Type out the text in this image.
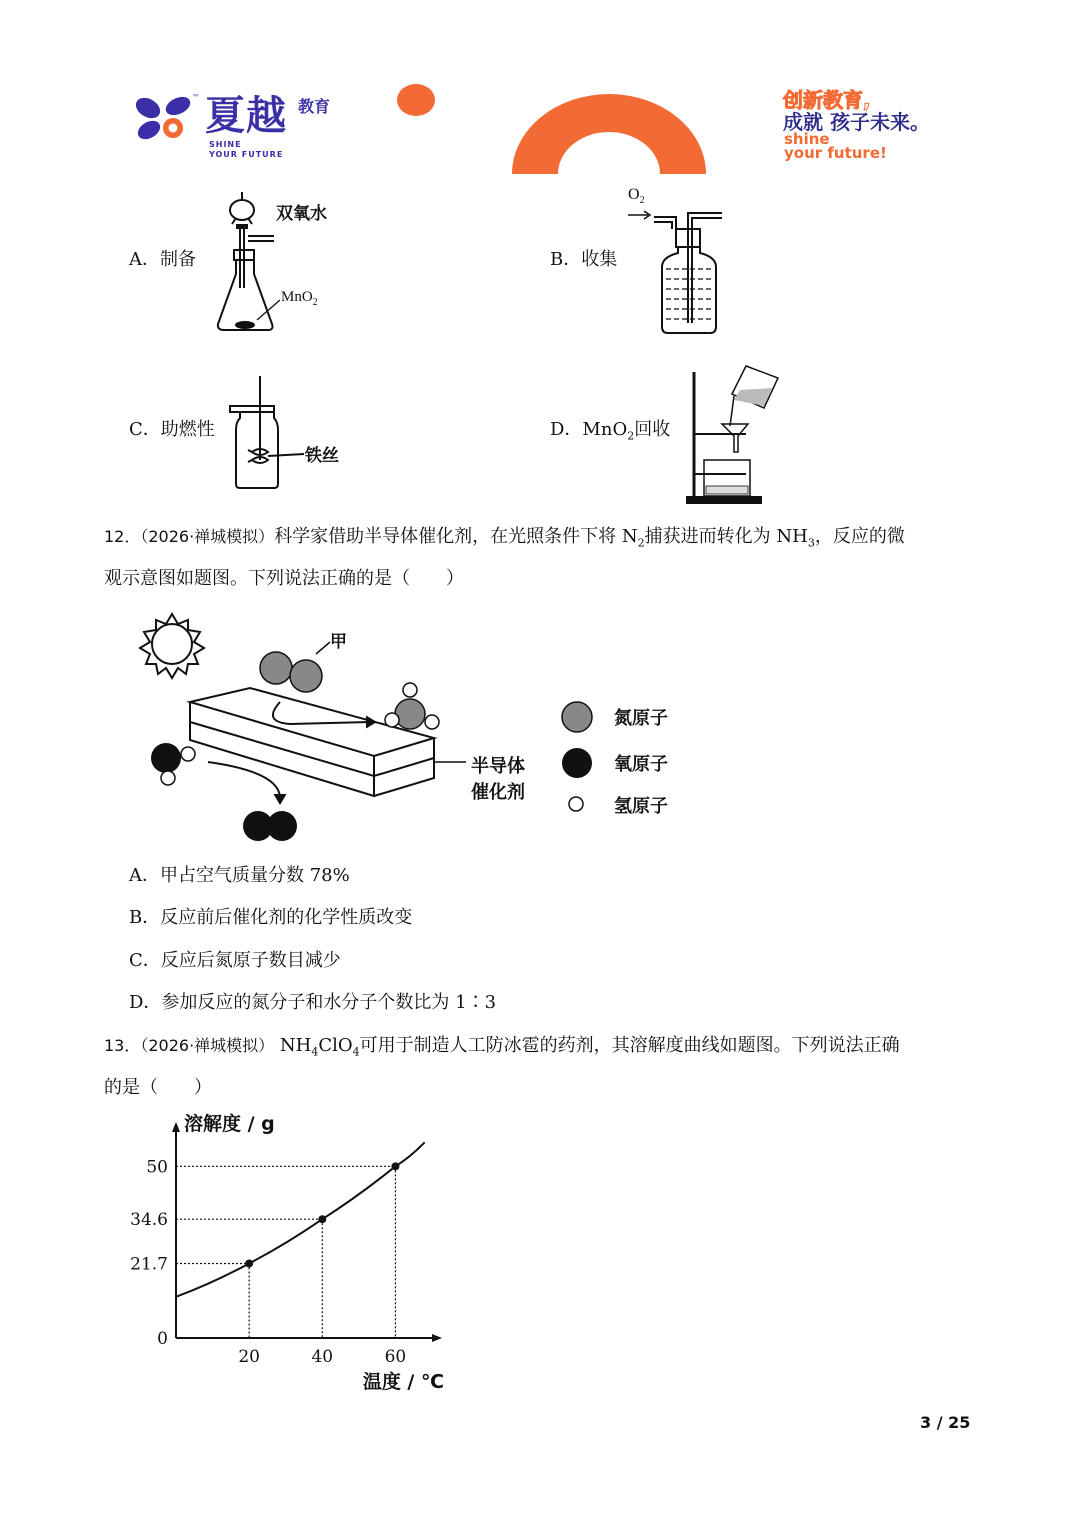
™ 夏越 教育
SHINE
YOUR FUTURE
创新教育,
成就 孩子未来。
shine
your future!
A．制备
双氧水
MnO$_2$
B．收集
$O_2$
C．助燃性
铁丝
D．MnO$_2$回收
12．（2026·禅城模拟）科学家借助半导体催化剂，在光照条件下将 $N_2$捕获进而转化为 $NH_3$，反应的微
观示意图如题图。下列说法正确的是（　　）
甲
半导体
催化剂
氮原子
氧原子
氢原子
A．甲占空气质量分数 78%
B．反应前后催化剂的化学性质改变
C．反应后氮原子数目减少
D．参加反应的氮分子和水分子个数比为 1∶3
13．（2026·禅城模拟） $NH_4ClO_4$可用于制造人工防冰雹的药剂，其溶解度曲线如题图。下列说法正确
的是（　　）
0
21.7
34.6
50
20	40	60
溶解度 / g
温度 / ℃
3 / 25
